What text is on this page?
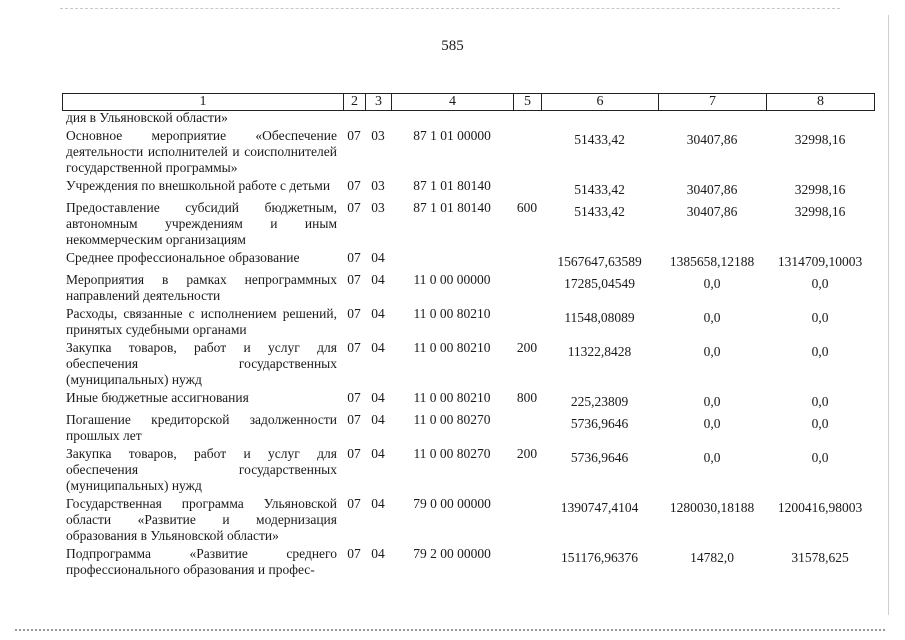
585
1	2	3	4	5	6	7	8
дия в Ульяновской области»							
Основное мероприятие «Обеспечение деятельности исполнителей и соисполнителей государственной программы»	07	03	87 1 01 00000		51433,42	30407,86	32998,16
Учреждения по внешкольной работе с детьми	07	03	87 1 01 80140		51433,42	30407,86	32998,16
Предоставление субсидий бюджетным, автономным учреждениям и иным некоммерческим организациям	07	03	87 1 01 80140	600	51433,42	30407,86	32998,16
Среднее профессиональное образование	07	04			1567647,63589	1385658,12188	1314709,10003
Мероприятия в рамках непрограммных направлений деятельности	07	04	11 0 00 00000		17285,04549	0,0	0,0
Расходы, связанные с исполнением решений, принятых судебными органами	07	04	11 0 00 80210		11548,08089	0,0	0,0
Закупка товаров, работ и услуг для обеспечения государственных (муниципальных) нужд	07	04	11 0 00 80210	200	11322,8428	0,0	0,0
Иные бюджетные ассигнования	07	04	11 0 00 80210	800	225,23809	0,0	0,0
Погашение кредиторской задолженности прошлых лет	07	04	11 0 00 80270		5736,9646	0,0	0,0
Закупка товаров, работ и услуг для обеспечения государственных (муниципальных) нужд	07	04	11 0 00 80270	200	5736,9646	0,0	0,0
Государственная программа Ульяновской области «Развитие и модернизация образования в Ульяновской области»	07	04	79 0 00 00000		1390747,4104	1280030,18188	1200416,98003
Подпрограмма «Развитие среднего профессионального образования и профес-	07	04	79 2 00 00000		151176,96376	14782,0	31578,625
